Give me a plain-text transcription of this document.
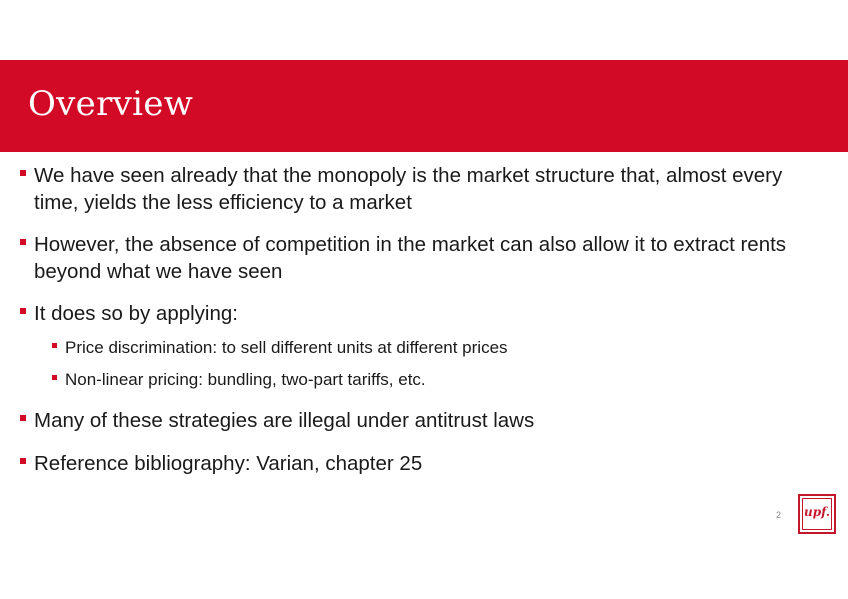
Overview
We have seen already that the monopoly is the market structure that, almost every time, yields the less efficiency to a market
However, the absence of competition in the market can also allow it to extract rents beyond what we have seen
It does so by applying:
Price discrimination: to sell different units at different prices
Non-linear pricing: bundling, two-part tariffs, etc.
Many of these strategies are illegal under antitrust laws
Reference bibliography: Varian, chapter 25
2	upf.
